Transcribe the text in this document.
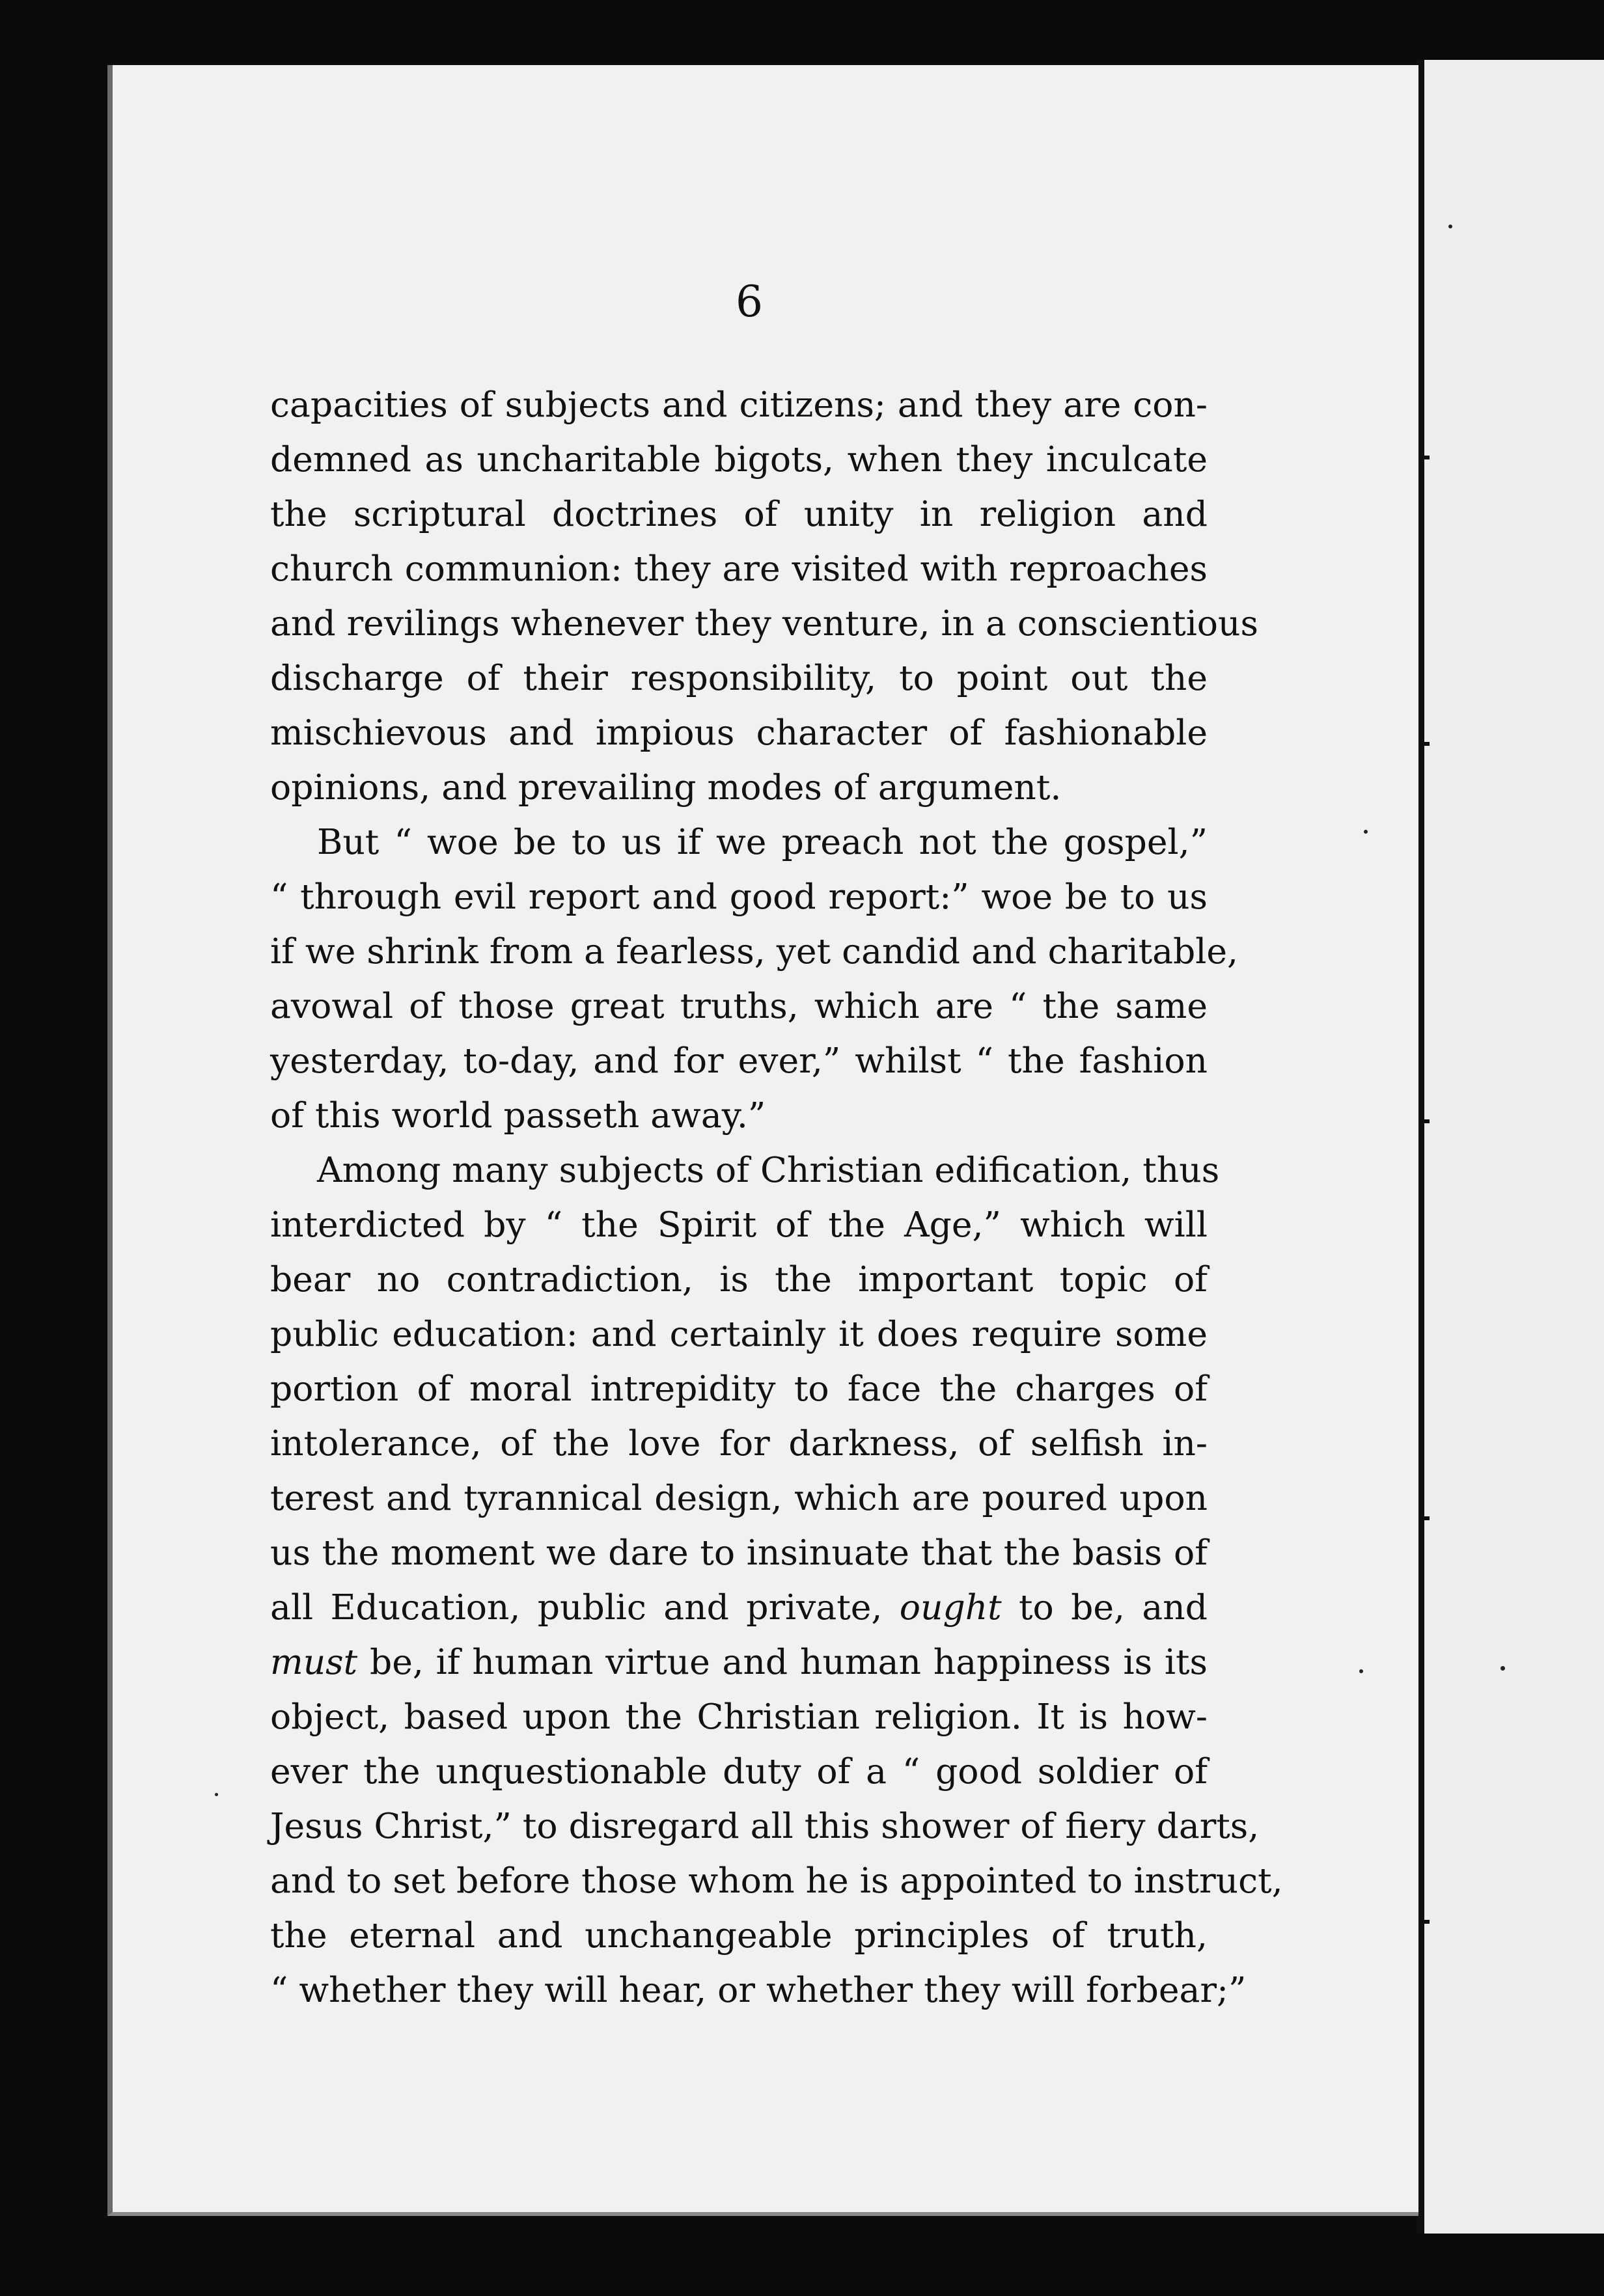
6
capacities of subjects and citizens; and they are con-
demned as uncharitable bigots, when they inculcate
the scriptural doctrines of unity in religion and
church communion: they are visited with reproaches
and revilings whenever they venture, in a conscientious
discharge of their responsibility, to point out the
mischievous and impious character of fashionable
opinions, and prevailing modes of argument.
But “ woe be to us if we preach not the gospel,”
“ through evil report and good report:” woe be to us
if we shrink from a fearless, yet candid and charitable,
avowal of those great truths, which are “ the same
yesterday, to-day, and for ever,” whilst “ the fashion
of this world passeth away.”
Among many subjects of Christian edification, thus
interdicted by “ the Spirit of the Age,” which will
bear no contradiction, is the important topic of
public education: and certainly it does require some
portion of moral intrepidity to face the charges of
intolerance, of the love for darkness, of selfish in-
terest and tyrannical design, which are poured upon
us the moment we dare to insinuate that the basis of
all Education, public and private, ought to be, and
must be, if human virtue and human happiness is its
object, based upon the Christian religion. It is how-
ever the unquestionable duty of a “ good soldier of
Jesus Christ,” to disregard all this shower of fiery darts,
and to set before those whom he is appointed to instruct,
the eternal and unchangeable principles of truth,
“ whether they will hear, or whether they will forbear;”
